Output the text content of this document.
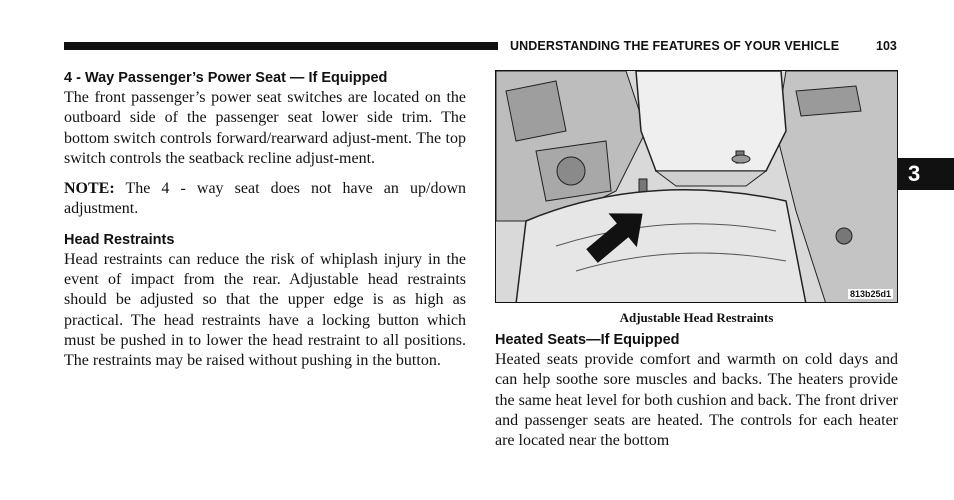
UNDERSTANDING THE FEATURES OF YOUR VEHICLE	103
3
4 - Way Passenger’s Power Seat — If Equipped

The front passenger’s power seat switches are located on the outboard side of the passenger seat lower side trim. The bottom switch controls forward/rearward adjust-ment. The top switch controls the seatback recline adjust-ment.

NOTE: The 4 - way seat does not have an up/down adjustment.

Head Restraints

Head restraints can reduce the risk of whiplash injury in the event of impact from the rear. Adjustable head restraints should be adjusted so that the upper edge is as high as practical. The head restraints have a locking button which must be pushed in to lower the head restraint to all positions. The restraints may be raised without pushing in the button.

813b25d1
Adjustable Head Restraints
Heated Seats—If Equipped

Heated seats provide comfort and warmth on cold days and can help soothe sore muscles and backs. The heaters provide the same heat level for both cushion and back. The front driver and passenger seats are heated. The controls for each heater are located near the bottom
